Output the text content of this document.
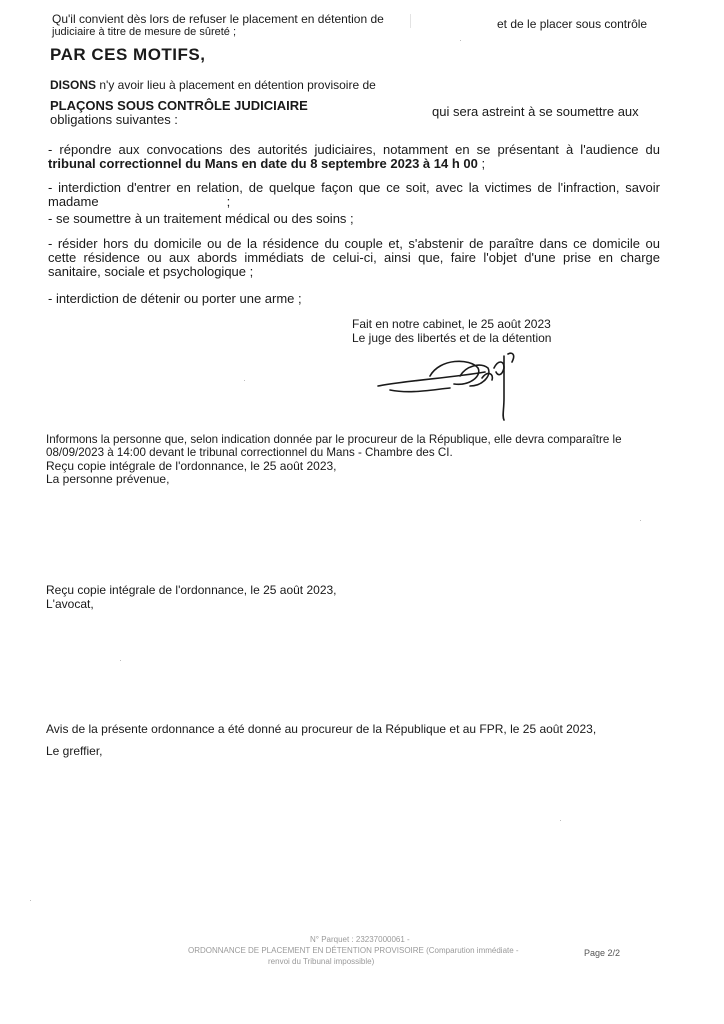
Qu'il convient dès lors de refuser le placement en détention de	et de le placer sous contrôle
judiciaire à titre de mesure de sûreté ;
PAR CES MOTIFS,
DISONS n'y avoir lieu à placement en détention provisoire de
PLAÇONS SOUS CONTRÔLE JUDICIAIRE	qui sera astreint à se soumettre aux
obligations suivantes :
- répondre aux convocations des autorités judiciaires, notamment en se présentant à l'audience du
tribunal correctionnel du Mans en date du 8 septembre 2023 à 14 h 00 ;
- interdiction d'entrer en relation, de quelque façon que ce soit, avec la victimes de l'infraction, savoir
madame	;
- se soumettre à un traitement médical ou des soins ;
- résider hors du domicile ou de la résidence du couple et, s'abstenir de paraître dans ce domicile ou
cette résidence ou aux abords immédiats de celui-ci, ainsi que, faire l'objet d'une prise en charge
sanitaire, sociale et psychologique ;
- interdiction de détenir ou porter une arme ;
Fait en notre cabinet, le 25 août 2023
Le juge des libertés et de la détention
Informons la personne que, selon indication donnée par le procureur de la République, elle devra comparaître le
08/09/2023 à 14:00 devant le tribunal correctionnel du Mans - Chambre des CI.
Reçu copie intégrale de l'ordonnance, le 25 août 2023,
La personne prévenue,
Reçu copie intégrale de l'ordonnance, le 25 août 2023,
L'avocat,
Avis de la présente ordonnance a été donné au procureur de la République et au FPR, le 25 août 2023,
Le greffier,
N° Parquet : 23237000061 -
ORDONNANCE DE PLACEMENT EN DÉTENTION PROVISOIRE (Comparution immédiate -
renvoi du Tribunal impossible)
Page 2/2
